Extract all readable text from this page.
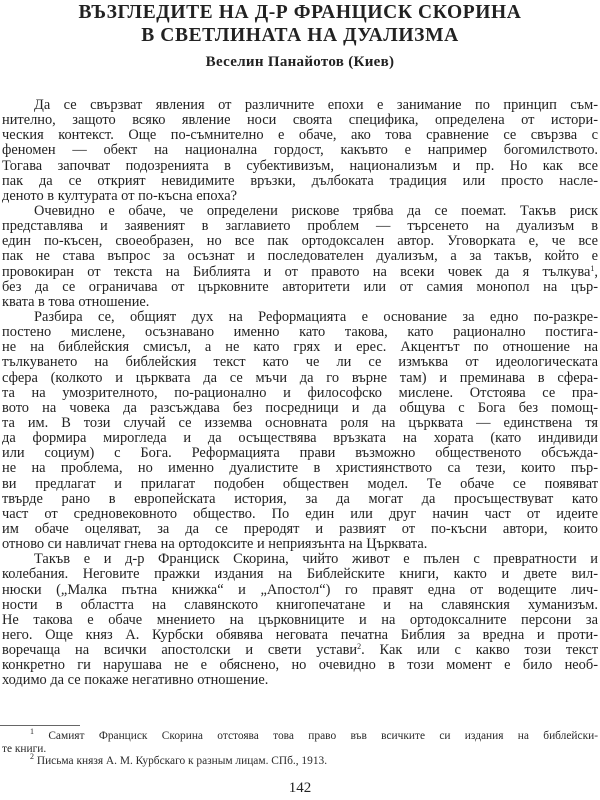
ВЪЗГЛЕДИТЕ НА Д-Р ФРАНЦИСК СКОРИНА
В СВЕТЛИНАТА НА ДУАЛИЗМА
Веселин Панайотов (Киев)
Да се свързват явления от различните епохи е занимание по принцип съм-
нително, защото всяко явление носи своята специфика, определена от истори-
ческия контекст. Още по-съмнително е обаче, ако това сравнение се свързва с
феномен — обект на национална гордост, какъвто е например богомилството.
Тогава започват подозренията в субективизъм, национализъм и пр. Но как все
пак да се открият невидимите връзки, дълбоката традиция или просто насле-
деното в културата от по-късна епоха?
Очевидно е обаче, че определени рискове трябва да се поемат. Такъв риск
представлява и заявеният в заглавието проблем — търсенето на дуализъм в
един по-късен, своеобразен, но все пак ортодоксален автор. Уговорката е, че все
пак не става въпрос за осъзнат и последователен дуализъм, а за такъв, който е
провокиран от текста на Библията и от правото на всеки човек да я тълкува$^1$,
без да се ограничава от църковните авторитети или от самия монопол на цър-
квата в това отношение.
Разбира се, общият дух на Реформацията е основание за едно по-разкре-
постено мислене, осъзнавано именно като такова, като рационално постига-
не на библейския смисъл, а не като грях и ерес. Акцентът по отношение на
тълкуването на библейския текст като че ли се измъква от идеологическата
сфера (колкото и църквата да се мъчи да го върне там) и преминава в сфера-
та на умозрителното, по-рационално и философско мислене. Отстоява се пра-
вото на човека да разсъждава без посредници и да общува с Бога без помощ-
та им. В този случай се изземва основната роля на църквата — единствена тя
да формира мирогледа и да осъществява връзката на хората (като индивиди
или социум) с Бога. Реформацията прави възможно общественото обсъжда-
не на проблема, но именно дуалистите в християнството са тези, които пър-
ви предлагат и прилагат подобен обществен модел. Те обаче се появяват
твърде рано в европейската история, за да могат да просъществуват като
част от средновековното общество. По един или друг начин част от идеите
им обаче оцеляват, за да се преродят и развият от по-късни автори, които
отново си навличат гнева на ортодоксите и неприязънта на Църквата.
Такъв е и д-р Франциск Скорина, чийто живот е пълен с превратности и
колебания. Неговите пражки издания на Библейските книги, както и двете вил-
нюски („Малка пътна книжка“ и „Апостол“) го правят една от водещите лич-
ности в областта на славянското книгопечатане и на славянския хуманизъм.
Не такова е обаче мнението на църковниците и на ортодоксалните персони за
него. Още княз А. Курбски обявява неговата печатна Библия за вредна и проти-
воречаща на всички апостолски и свети устави$^2$. Как или с какво този текст
конкретно ги нарушава не е обяснено, но очевидно в този момент е било необ-
ходимо да се покаже негативно отношение.
$^1$ Самият Франциск Скорина отстоява това право във всичките си издания на библейски-
те книги.
$^2$ Письма князя А. М. Курбскаго к разным лицам. СПб., 1913.
142
